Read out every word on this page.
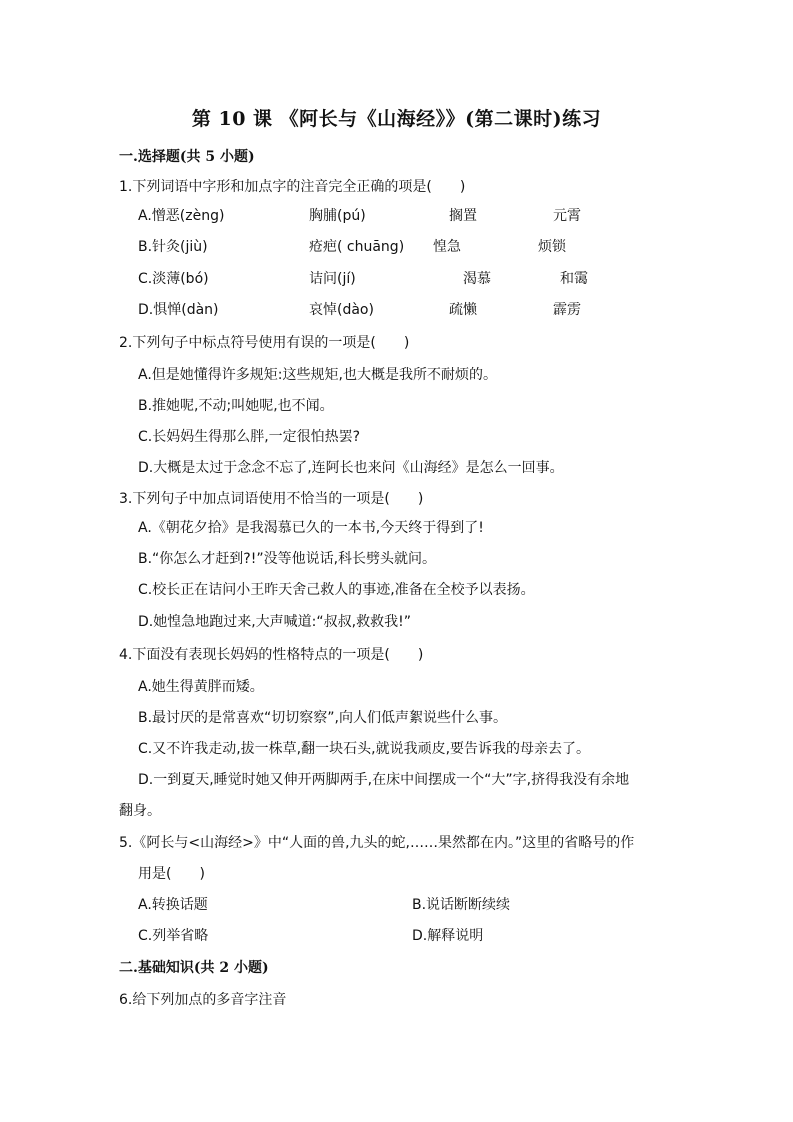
第 10 课 《阿长与《山海经》》(第二课时)练习
一.选择题(共 5 小题)
1.下列词语中字形和加点字的注音完全正确的项是(　　)
A.憎恶(zèng)	胸脯(pú)	搁置	元霄
B.针灸(jiù)	疮疤( chuāng) 惶急	烦锁
C.淡薄(bó)	诘问(jí)	渴慕	和霭
D.惧惮(dàn)	哀悼(dào)	疏懒	霹雳
2.下列句子中标点符号使用有误的一项是(　　)
A.但是她懂得许多规矩:这些规矩,也大概是我所不耐烦的。
B.推她呢,不动;叫她呢,也不闻。
C.长妈妈生得那么胖,一定很怕热罢?
D.大概是太过于念念不忘了,连阿长也来问《山海经》是怎么一回事。
3.下列句子中加点词语使用不恰当的一项是(　　)
A.《朝花夕拾》是我渴慕已久的一本书,今天终于得到了!
B.“你怎么才赶到?!”没等他说话,科长劈头就问。
C.校长正在诘问小王昨天舍己救人的事迹,准备在全校予以表扬。
D.她惶急地跑过来,大声喊道:“叔叔,救救我!”
4.下面没有表现长妈妈的性格特点的一项是(　　)
A.她生得黄胖而矮。
B.最讨厌的是常喜欢“切切察察”,向人们低声絮说些什么事。
C.又不许我走动,拔一株草,翻一块石头,就说我顽皮,要告诉我的母亲去了。
D.一到夏天,睡觉时她又伸开两脚两手,在床中间摆成一个“大”字,挤得我没有余地
翻身。
5.《阿长与<山海经>》中“人面的兽,九头的蛇,……果然都在内。”这里的省略号的作
用是(　　)
A.转换话题	B.说话断断续续
C.列举省略	D.解释说明
二.基础知识(共 2 小题)
6.给下列加点的多音字注音
